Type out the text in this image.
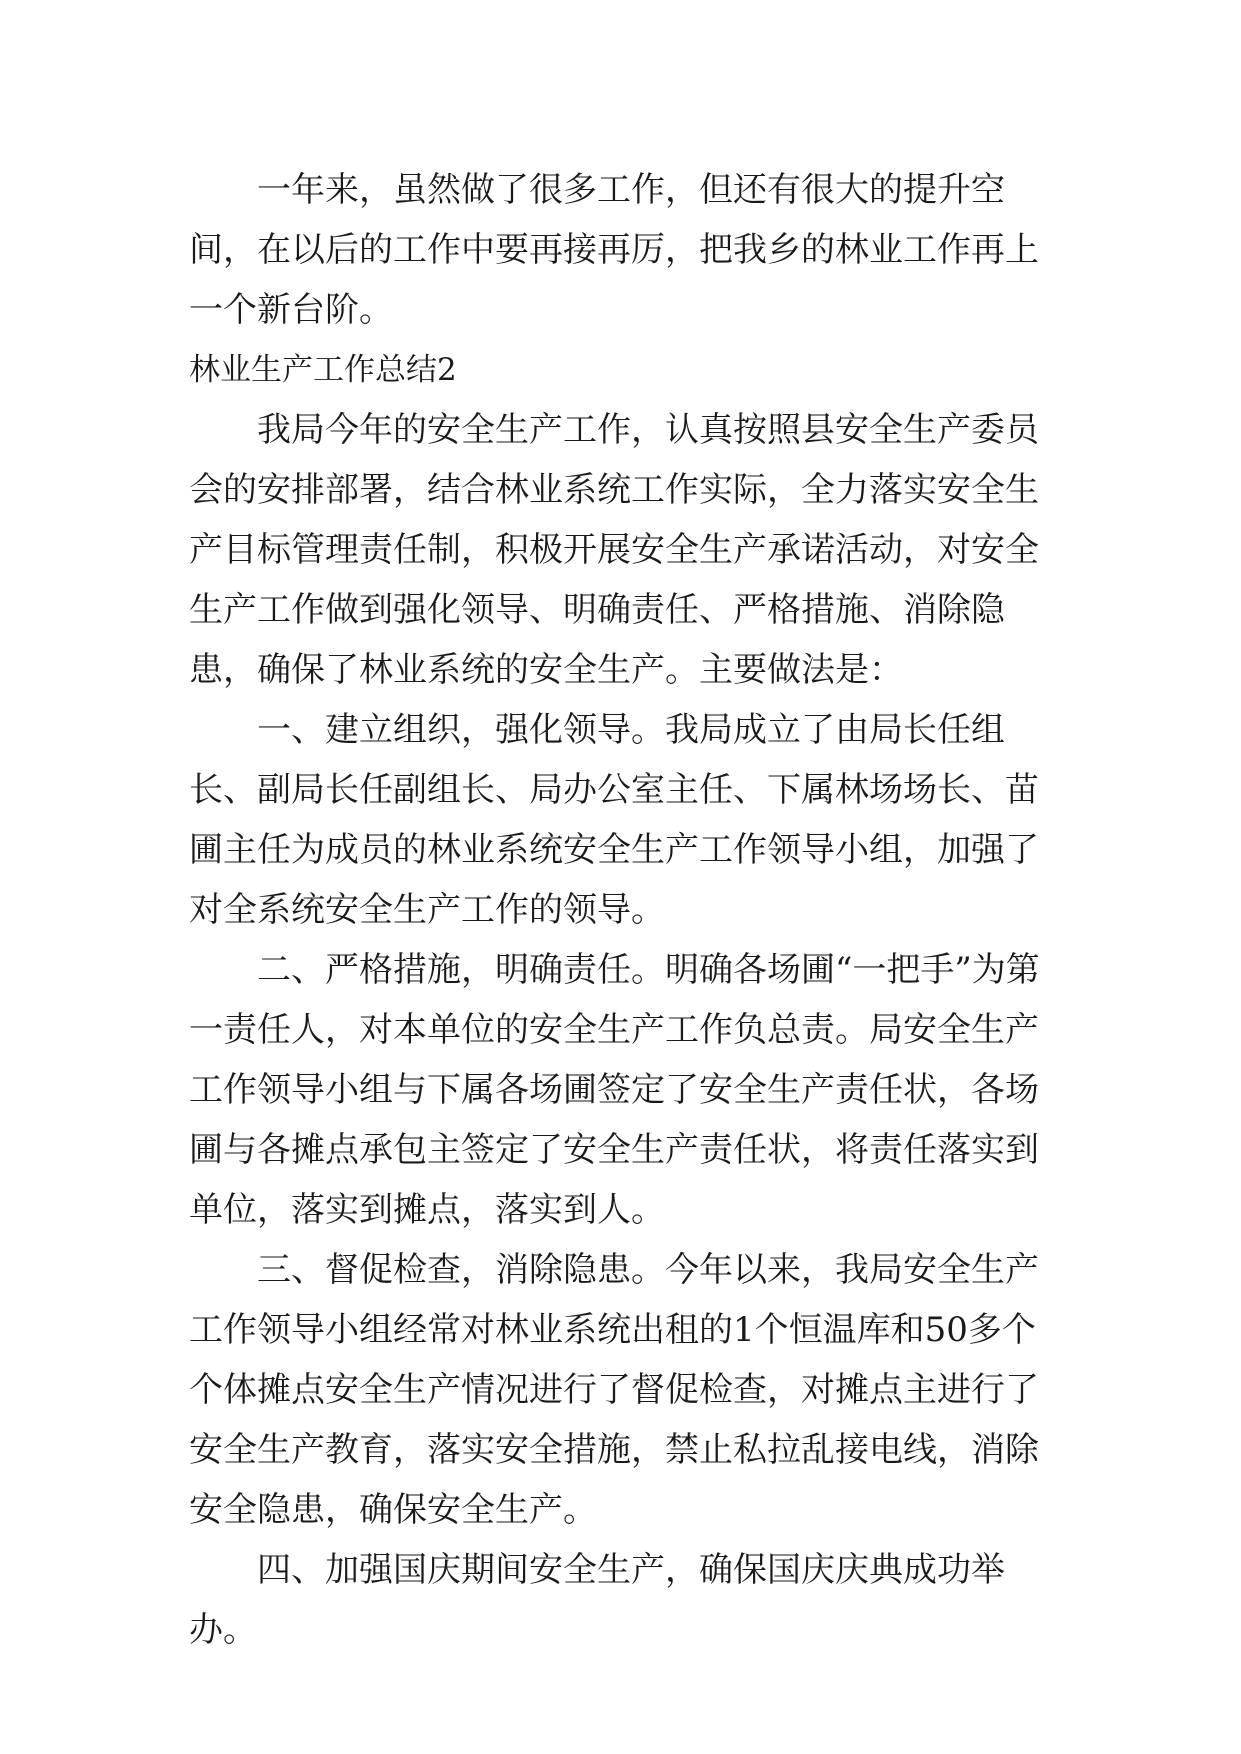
一年来，虽然做了很多工作，但还有很大的提升空间，在以后的工作中要再接再厉，把我乡的林业工作再上一个新台阶。

林业生产工作总结2

我局今年的安全生产工作，认真按照县安全生产委员会的安排部署，结合林业系统工作实际，全力落实安全生产目标管理责任制，积极开展安全生产承诺活动，对安全生产工作做到强化领导、明确责任、严格措施、消除隐患，确保了林业系统的安全生产。主要做法是：

一、建立组织，强化领导。我局成立了由局长任组长、副局长任副组长、局办公室主任、下属林场场长、苗圃主任为成员的林业系统安全生产工作领导小组，加强了对全系统安全生产工作的领导。

二、严格措施，明确责任。明确各场圃“一把手”为第一责任人，对本单位的安全生产工作负总责。局安全生产工作领导小组与下属各场圃签定了安全生产责任状，各场圃与各摊点承包主签定了安全生产责任状，将责任落实到单位，落实到摊点，落实到人。

三、督促检查，消除隐患。今年以来，我局安全生产工作领导小组经常对林业系统出租的1个恒温库和50多个个体摊点安全生产情况进行了督促检查，对摊点主进行了安全生产教育，落实安全措施，禁止私拉乱接电线，消除安全隐患，确保安全生产。

四、加强国庆期间安全生产，确保国庆庆典成功举办。
